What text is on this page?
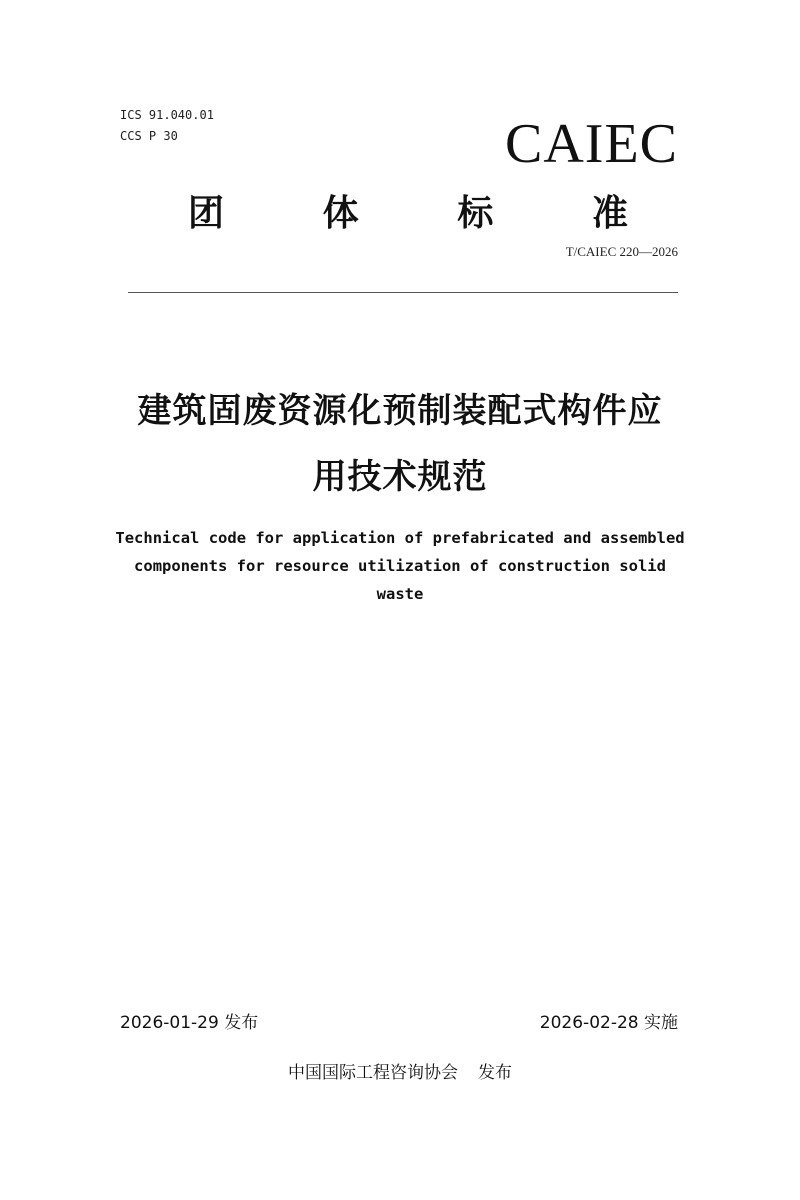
ICS 91.040.01
CCS P 30	CAIEC
团	体	标	准
T/CAIEC 220—2026
建筑固废资源化预制装配式构件应
用技术规范
Technical code for application of prefabricated and assembled
components for resource utilization of construction solid
waste
2026-01-29 发布	2026-02-28 实施
中国国际工程咨询协会 发布
